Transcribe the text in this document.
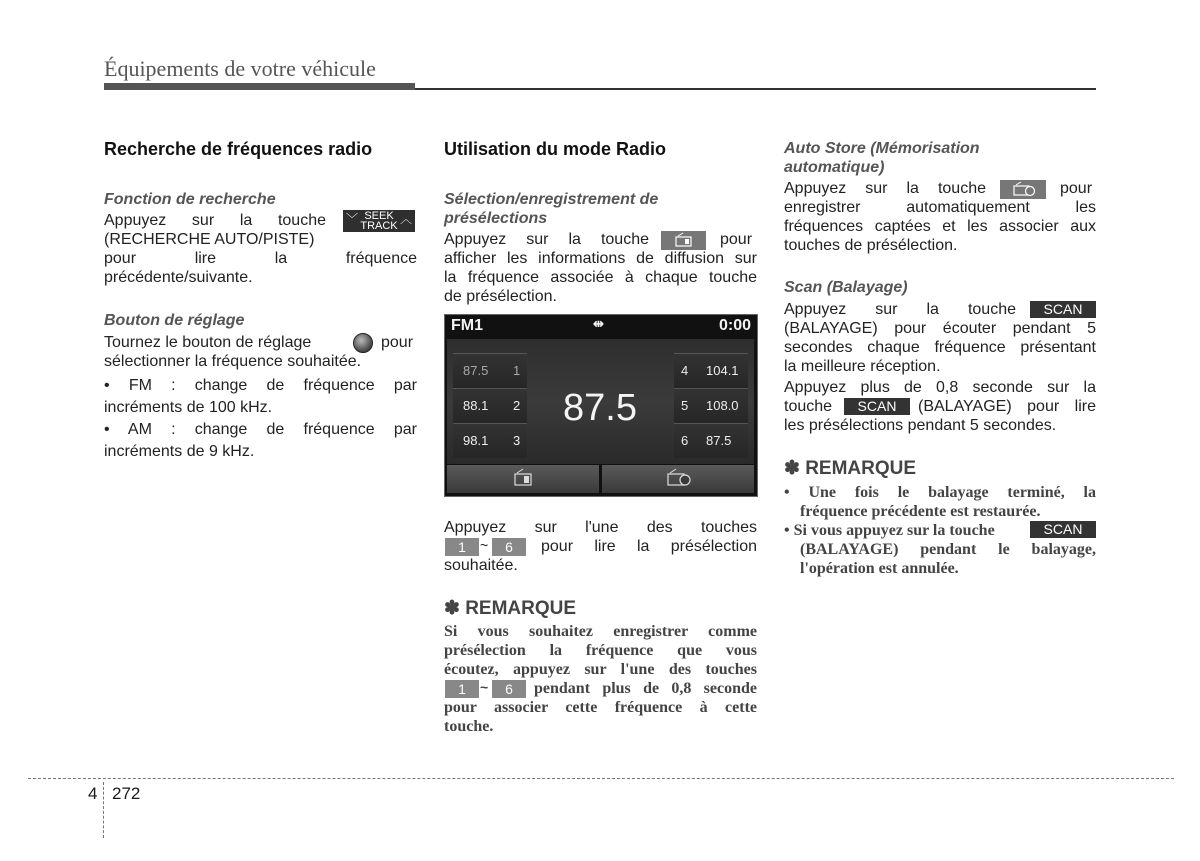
Équipements de votre véhicule
Recherche de fréquences radio
Fonction de recherche
Appuyez sur la touche ﹀ SEEK
TRACK ︿
(RECHERCHE AUTO/PISTE)
pour lire la fréquence
précédente/suivante.
Bouton de réglage
Tournez le bouton de réglage	pour
sélectionner la fréquence souhaitée.
• FM : change de fréquence par
incréments de 100 kHz.
• AM : change de fréquence par
incréments de 9 kHz.
Utilisation du mode Radio
Sélection/enregistrement de présélections
Appuyez sur la touche	pour
afficher les informations de diffusion sur
la fréquence associée à chaque touche
de présélection.
FM1	⇹	0:00
87.5 1
88.1 2
98.1 3
87.5
4 104.1
5 108.0
6 87.5
Appuyez sur l'une des touches
1	~	6	pour lire la présélection
souhaitée.
✽ REMARQUE
Si vous souhaitez enregistrer comme
présélection la fréquence que vous
écoutez, appuyez sur l'une des touches
1	~	6	pendant plus de 0,8 seconde
pour associer cette fréquence à cette
touche.
Auto Store (Mémorisation automatique)
Appuyez sur la touche	pour
enregistrer automatiquement les
fréquences captées et les associer aux
touches de présélection.
Scan (Balayage)
Appuyez sur la touche	SCAN
(BALAYAGE) pour écouter pendant 5
secondes chaque fréquence présentant
la meilleure réception.
Appuyez plus de 0,8 seconde sur la
touche	SCAN	(BALAYAGE) pour lire
les présélections pendant 5 secondes.
✽ REMARQUE
• Une fois le balayage terminé, la
fréquence précédente est restaurée.
• Si vous appuyez sur la touche	SCAN
(BALAYAGE) pendant le balayage,
l'opération est annulée.
4 272
